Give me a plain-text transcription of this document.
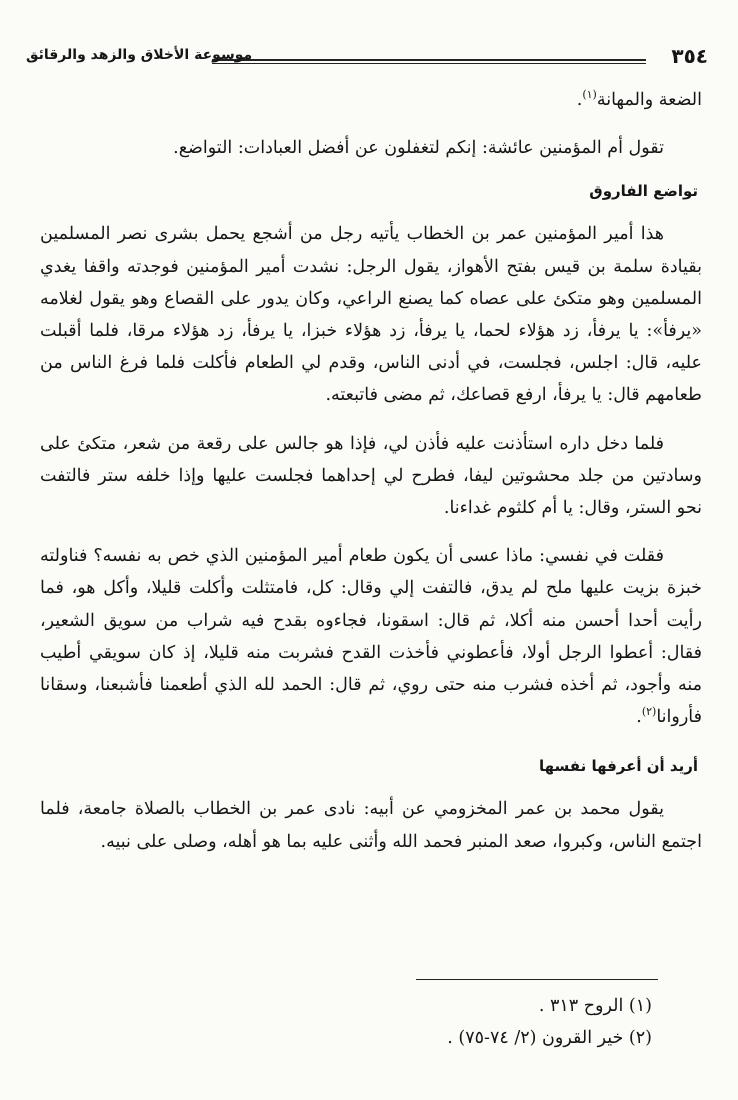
٣٥٤
موسوعة الأخلاق والزهد والرقائق

الضعة والمهانة$^{(١)}$.

تقول أم المؤمنين عائشة: إنكم لتغفلون عن أفضل العبادات: التواضع.

تواضع الفاروق

هذا أمير المؤمنين عمر بن الخطاب يأتيه رجل من أشجع يحمل بشرى نصر المسلمين بقيادة سلمة بن قيس بفتح الأهواز، يقول الرجل: نشدت أمير المؤمنين فوجدته واقفا يغدي المسلمين وهو متكئ على عصاه كما يصنع الراعي، وكان يدور على القصاع وهو يقول لغلامه «يرفأ»: يا يرفأ، زد هؤلاء لحما، يا يرفأ، زد هؤلاء خبزا، يا يرفأ، زد هؤلاء مرقا، فلما أقبلت عليه، قال: اجلس، فجلست، في أدنى الناس، وقدم لي الطعام فأكلت فلما فرغ الناس من طعامهم قال: يا يرفأ، ارفع قصاعك، ثم مضى فاتبعته.

فلما دخل داره استأذنت عليه فأذن لي، فإذا هو جالس على رقعة من شعر، متكئ على وسادتين من جلد محشوتين ليفا، فطرح لي إحداهما فجلست عليها وإذا خلفه ستر فالتفت نحو الستر، وقال: يا أم كلثوم غداءنا.

فقلت في نفسي: ماذا عسى أن يكون طعام أمير المؤمنين الذي خص به نفسه؟ فناولته خبزة بزيت عليها ملح لم يدق، فالتفت إلي وقال: كل، فامتثلت وأكلت قليلا، وأكل هو، فما رأيت أحدا أحسن منه أكلا، ثم قال: اسقونا، فجاءوه بقدح فيه شراب من سويق الشعير، فقال: أعطوا الرجل أولا، فأعطوني فأخذت القدح فشربت منه قليلا، إذ كان سويقي أطيب منه وأجود، ثم أخذه فشرب منه حتى روي، ثم قال: الحمد لله الذي أطعمنا فأشبعنا، وسقانا فأروانا$^{(٢)}$.

أريد أن أعرفها نفسها

يقول محمد بن عمر المخزومي عن أبيه: نادى عمر بن الخطاب بالصلاة جامعة، فلما اجتمع الناس، وكبروا، صعد المنبر فحمد الله وأثنى عليه بما هو أهله، وصلى على نبيه.

(١) الروح ٣١٣ .

(٢) خير القرون (٢/ ٧٤-٧٥) .
